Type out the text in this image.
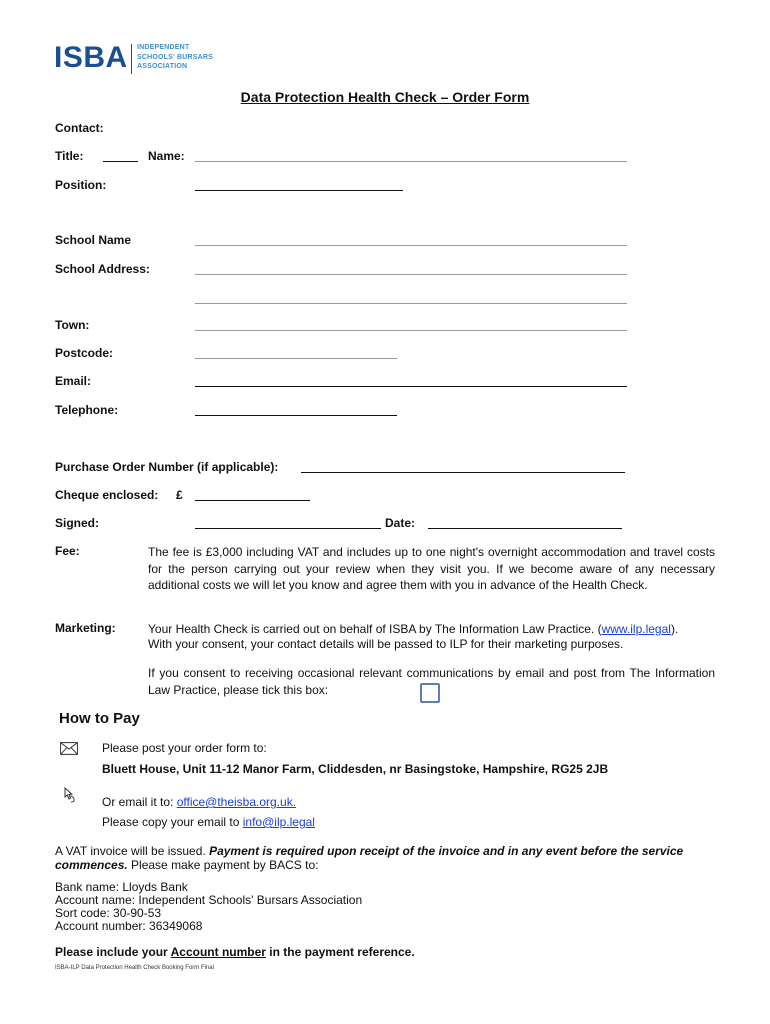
ISBA INDEPENDENT
SCHOOLS' BURSARS
ASSOCIATION
Data Protection Health Check – Order Form
Contact:
Title:	Name:
Position:
School Name
School Address:
Town:
Postcode:
Email:
Telephone:
Purchase Order Number (if applicable):
Cheque enclosed: £
Signed:	Date:
Fee:	The fee is £3,000 including VAT and includes up to one night's overnight accommodation and travel costs for the person carrying out your review when they visit you. If we become aware of any necessary additional costs we will let you know and agree them with you in advance of the Health Check.
Marketing:	Your Health Check is carried out on behalf of ISBA by The Information Law Practice. (www.ilp.legal).
With your consent, your contact details will be passed to ILP for their marketing purposes.
If you consent to receiving occasional relevant communications by email and post from The Information Law Practice, please tick this box:
How to Pay
Please post your order form to:
Bluett House, Unit 11-12 Manor Farm, Cliddesden, nr Basingstoke, Hampshire, RG25 2JB
Or email it to: office@theisba.org.uk.
Please copy your email to info@ilp.legal
A VAT invoice will be issued. Payment is required upon receipt of the invoice and in any event before the service commences. Please make payment by BACS to:
Bank name: Lloyds Bank
Account name: Independent Schools' Bursars Association
Sort code: 30-90-53
Account number: 36349068
Please include your Account number in the payment reference.
ISBA-ILP Data Protection Health Check Booking Form Final
